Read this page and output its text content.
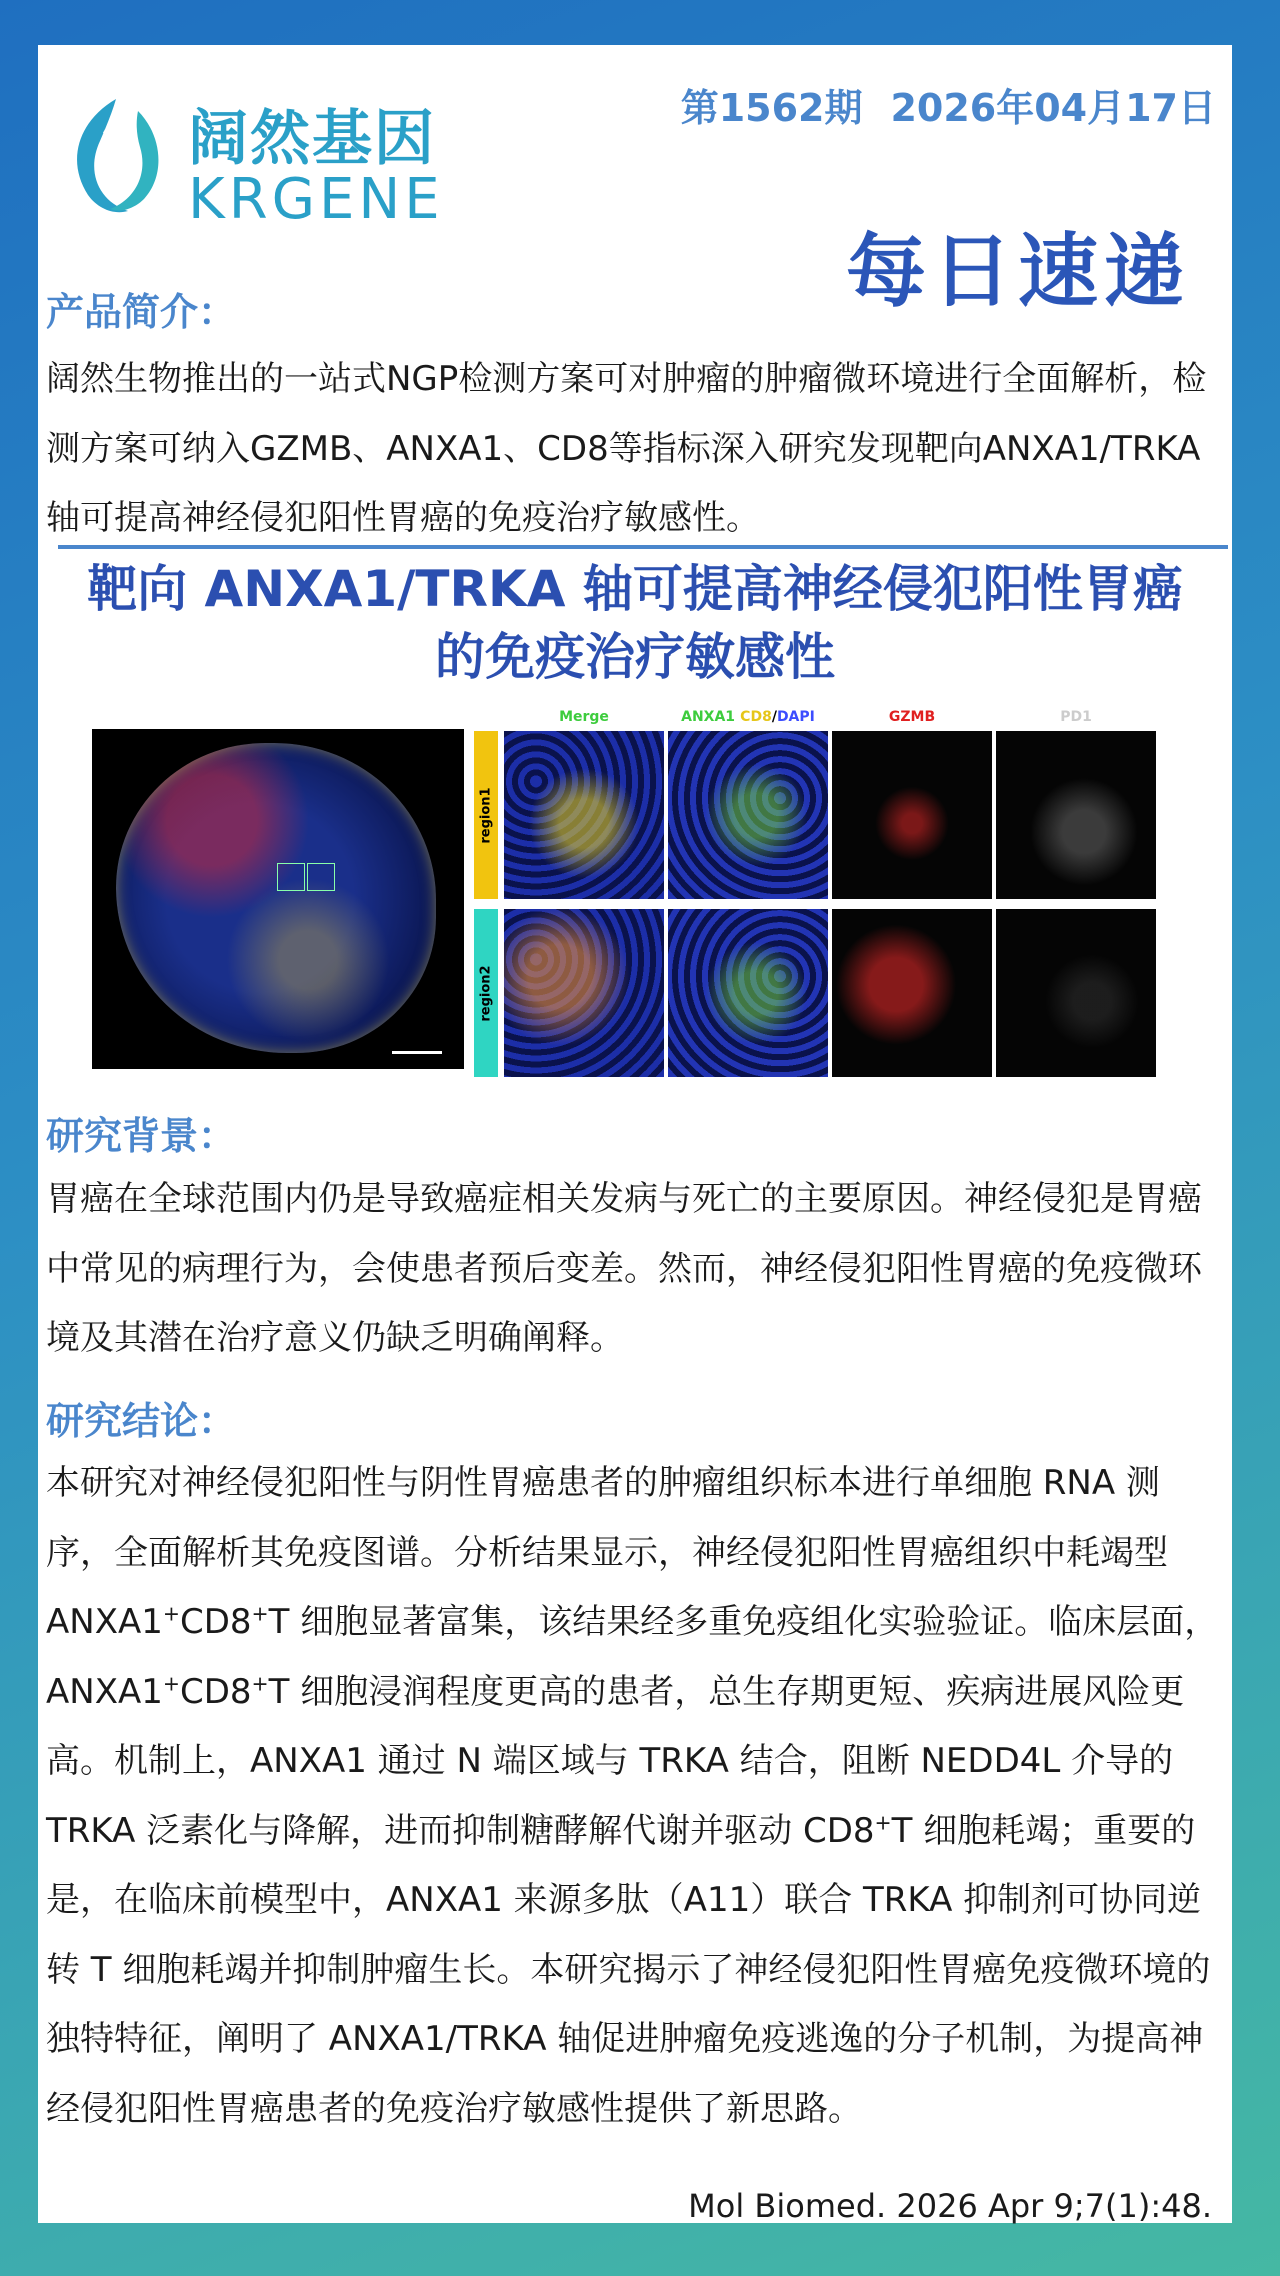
阔然基因
KRGENE
第1562期 2026年04月17日
每日速递
产品简介：
阔然生物推出的一站式NGP检测方案可对肿瘤的肿瘤微环境进行全面解析，检测方案可纳入GZMB、ANXA1、CD8等指标深入研究发现靶向ANXA1/TRKA 轴可提高神经侵犯阳性胃癌的免疫治疗敏感性。
靶向 ANXA1/TRKA 轴可提高神经侵犯阳性胃癌
的免疫治疗敏感性
Merge	ANXA1/CD8/DAPI	GZMB	PD1
region1
region2
研究背景：
胃癌在全球范围内仍是导致癌症相关发病与死亡的主要原因。神经侵犯是胃癌中常见的病理行为，会使患者预后变差。然而，神经侵犯阳性胃癌的免疫微环境及其潜在治疗意义仍缺乏明确阐释。
研究结论：
本研究对神经侵犯阳性与阴性胃癌患者的肿瘤组织标本进行单细胞 RNA 测序，全面解析其免疫图谱。分析结果显示，神经侵犯阳性胃癌组织中耗竭型 ANXA1+CD8+T 细胞显著富集，该结果经多重免疫组化实验验证。临床层面，ANXA1+CD8+T 细胞浸润程度更高的患者，总生存期更短、疾病进展风险更高。机制上，ANXA1 通过 N 端区域与 TRKA 结合，阻断 NEDD4L 介导的 TRKA 泛素化与降解，进而抑制糖酵解代谢并驱动 CD8+T 细胞耗竭；重要的是，在临床前模型中，ANXA1 来源多肽（A11）联合 TRKA 抑制剂可协同逆转 T 细胞耗竭并抑制肿瘤生长。本研究揭示了神经侵犯阳性胃癌免疫微环境的独特特征，阐明了 ANXA1/TRKA 轴促进肿瘤免疫逃逸的分子机制，为提高神经侵犯阳性胃癌患者的免疫治疗敏感性提供了新思路。
Mol Biomed. 2026 Apr 9;7(1):48.
